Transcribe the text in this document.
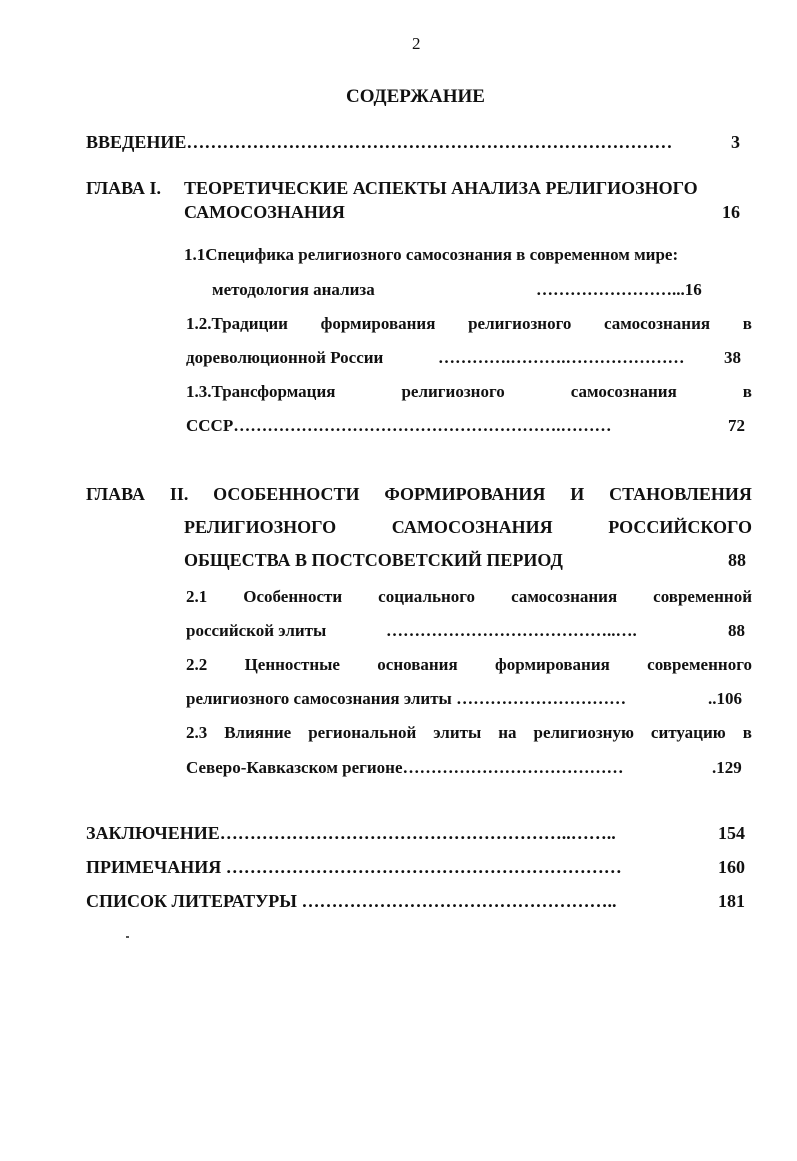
2
СОДЕРЖАНИЕ
ВВЕДЕНИЕ………………………………………………………………………	3
ГЛАВА I. ТЕОРЕТИЧЕСКИЕ АСПЕКТЫ АНАЛИЗА РЕЛИГИОЗНОГО
САМОСОЗНАНИЯ	16
1.1Специфика религиозного самосознания в современном мире:
методология анализа	……………………...16
1.2.Традиции формирования религиозного самосознания в
дореволюционной России	………….……….………………… 38
1.3.Трансформация	религиозного	самосознания	в
СССР………………………………………………….………	72
ГЛАВА II. ОСОБЕННОСТИ ФОРМИРОВАНИЯ И СТАНОВЛЕНИЯ
РЕЛИГИОЗНОГО	САМОСОЗНАНИЯ	РОССИЙСКОГО
ОБЩЕСТВА В ПОСТСОВЕТСКИЙ ПЕРИОД	88
2.1 Особенности социального самосознания современной
российской элиты	…………………………………..….	88
2.2 Ценностные основания формирования современного
религиозного самосознания элиты …………………………	..106
2.3 Влияние региональной элиты на религиозную ситуацию в
Северо-Кавказском регионе…………………………………	.129
ЗАКЛЮЧЕНИЕ…………………………………………………..……..	154
ПРИМЕЧАНИЯ …………………………………………………………	160
СПИСОК ЛИТЕРАТУРЫ ……………………………………………..	181
